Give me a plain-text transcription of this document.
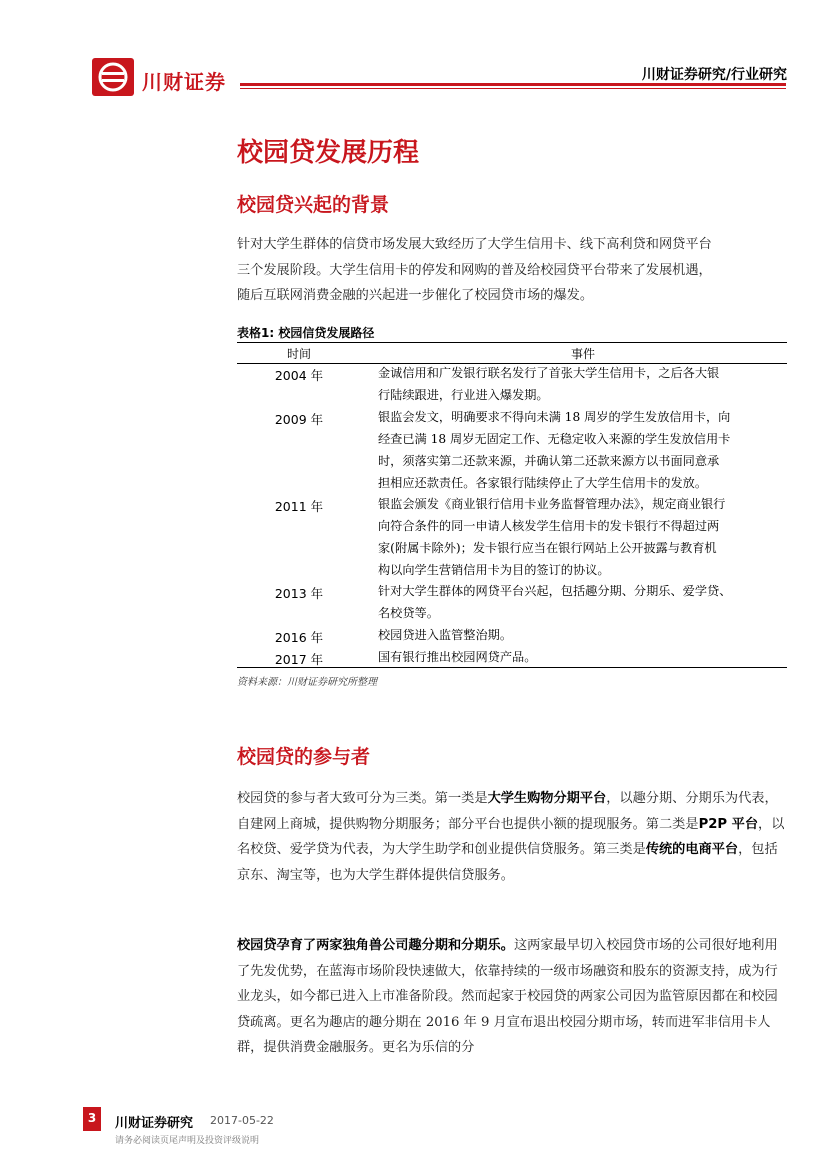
川财证券	川财证券研究/行业研究
校园贷发展历程
校园贷兴起的背景
针对大学生群体的信贷市场发展大致经历了大学生信用卡、线下高利贷和网贷平台
三个发展阶段。大学生信用卡的停发和网购的普及给校园贷平台带来了发展机遇，
随后互联网消费金融的兴起进一步催化了校园贷市场的爆发。
表格1: 校园信贷发展路径
时间	事件
2004 年	金诚信用和广发银行联名发行了首张大学生信用卡，之后各大银
行陆续跟进，行业进入爆发期。
2009 年	银监会发文，明确要求不得向未满 18 周岁的学生发放信用卡，向
经查已满 18 周岁无固定工作、无稳定收入来源的学生发放信用卡
时，须落实第二还款来源，并确认第二还款来源方以书面同意承
担相应还款责任。各家银行陆续停止了大学生信用卡的发放。
2011 年	银监会颁发《商业银行信用卡业务监督管理办法》，规定商业银行
向符合条件的同一申请人核发学生信用卡的发卡银行不得超过两
家(附属卡除外)；发卡银行应当在银行网站上公开披露与教育机
构以向学生营销信用卡为目的签订的协议。
2013 年	针对大学生群体的网贷平台兴起，包括趣分期、分期乐、爱学贷、
名校贷等。
2016 年	校园贷进入监管整治期。
2017 年	国有银行推出校园网贷产品。
资料来源：川财证券研究所整理
校园贷的参与者

校园贷的参与者大致可分为三类。第一类是大学生购物分期平台，以趣分期、分期乐为代表，自建网上商城，提供购物分期服务；部分平台也提供小额的提现服务。第二类是P2P 平台，以名校贷、爱学贷为代表，为大学生助学和创业提供信贷服务。第三类是传统的电商平台，包括京东、淘宝等，也为大学生群体提供信贷服务。

校园贷孕育了两家独角兽公司趣分期和分期乐。这两家最早切入校园贷市场的公司很好地利用了先发优势，在蓝海市场阶段快速做大，依靠持续的一级市场融资和股东的资源支持，成为行业龙头，如今都已进入上市准备阶段。然而起家于校园贷的两家公司因为监管原因都在和校园贷疏离。更名为趣店的趣分期在 2016 年 9 月宣布退出校园分期市场，转而进军非信用卡人群，提供消费金融服务。更名为乐信的分

3	川财证券研究 2017-05-22
请务必阅读页尾声明及投资评级说明
